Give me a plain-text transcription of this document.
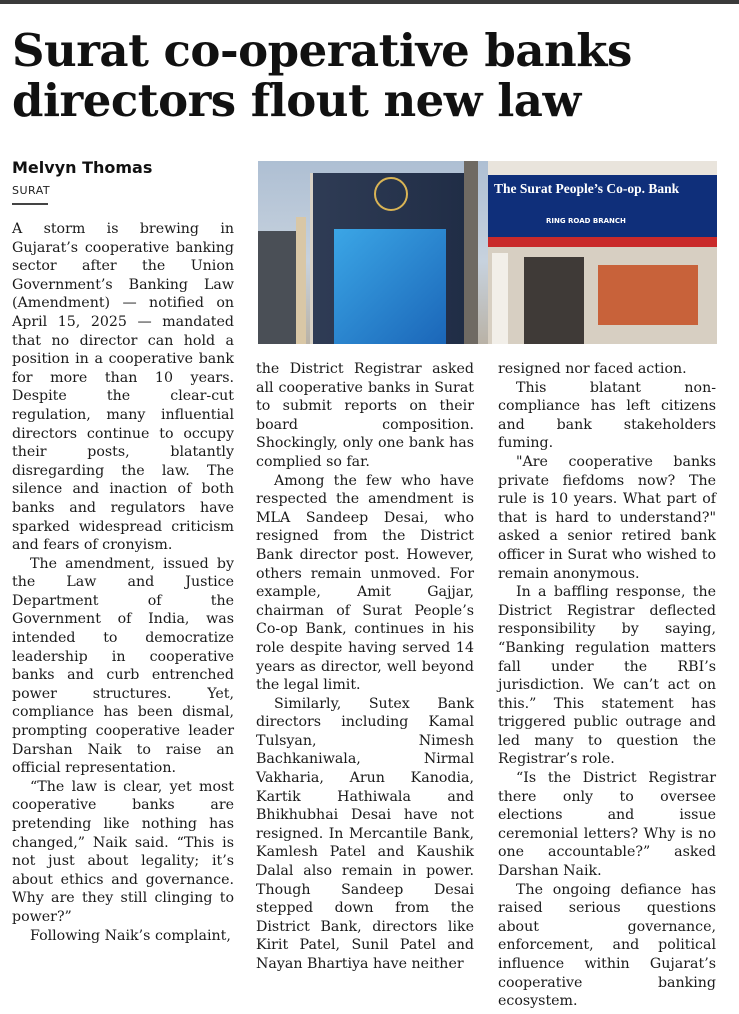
Surat co-operative banks
directors flout new law
Melvyn Thomas
SURAT	The Surat People’s Co-op. Bank
RING ROAD BRANCH

A storm is brewing in Gujarat’s cooperative banking sector after the Union Government’s Banking Law (Amendment) — notified on April 15, 2025 — mandated that no director can hold a position in a cooperative bank for more than 10 years. Despite the clear-cut regulation, many influential directors continue to occupy their posts, blatantly disregarding the law. The silence and inaction of both banks and regulators have sparked widespread criticism and fears of cronyism.

The amendment, issued by the Law and Justice Department of the Government of India, was intended to democratize leadership in cooperative banks and curb entrenched power structures. Yet, compliance has been dismal, prompting cooperative leader Darshan Naik to raise an official representation.

“The law is clear, yet most cooperative banks are pretending like nothing has changed,” Naik said. “This is not just about legality; it’s about ethics and governance. Why are they still clinging to power?”

Following Naik’s complaint,

the District Registrar asked all cooperative banks in Surat to submit reports on their board composition. Shockingly, only one bank has complied so far.

Among the few who have respected the amendment is MLA Sandeep Desai, who resigned from the District Bank director post. However, others remain unmoved. For example, Amit Gajjar, chairman of Surat People’s Co-op Bank, continues in his role despite having served 14 years as director, well beyond the legal limit.

Similarly, Sutex Bank directors including Kamal Tulsyan, Nimesh Bachkaniwala, Nirmal Vakharia, Arun Kanodia, Kartik Hathiwala and Bhikhubhai Desai have not resigned. In Mercantile Bank, Kamlesh Patel and Kaushik Dalal also remain in power. Though Sandeep Desai stepped down from the District Bank, directors like Kirit Patel, Sunil Patel and Nayan Bhartiya have neither

resigned nor faced action.

This blatant non-compliance has left citizens and bank stakeholders fuming.

"Are cooperative banks private fiefdoms now? The rule is 10 years. What part of that is hard to understand?" asked a senior retired bank officer in Surat who wished to remain anonymous.

In a baffling response, the District Registrar deflected responsibility by saying, “Banking regulation matters fall under the RBI’s jurisdiction. We can’t act on this.” This statement has triggered public outrage and led many to question the Registrar’s role.

“Is the District Registrar there only to oversee elections and issue ceremonial letters? Why is no one accountable?” asked Darshan Naik.

The ongoing defiance has raised serious questions about governance, enforcement, and political influence within Gujarat’s cooperative banking ecosystem.
